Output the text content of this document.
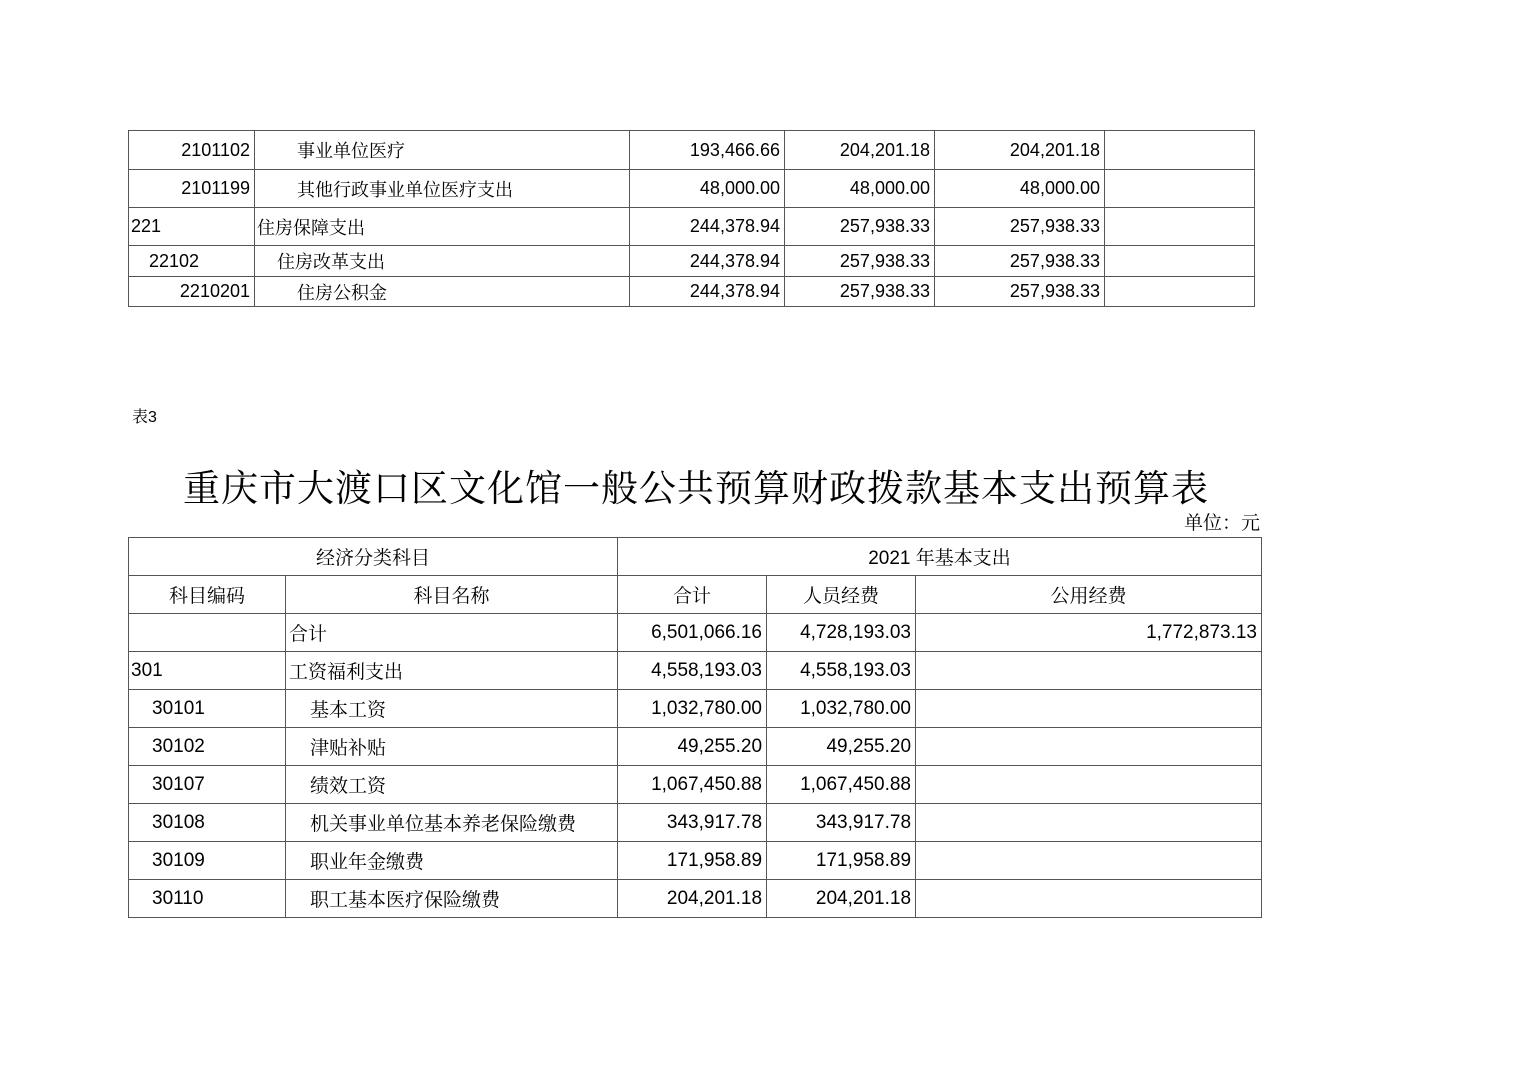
2101102	事业单位医疗	193,466.66	204,201.18	204,201.18	
2101199	其他行政事业单位医疗支出	48,000.00	48,000.00	48,000.00	
221	住房保障支出	244,378.94	257,938.33	257,938.33	
22102	住房改革支出	244,378.94	257,938.33	257,938.33	
2210201	住房公积金	244,378.94	257,938.33	257,938.33	
表3
重庆市大渡口区文化馆一般公共预算财政拨款基本支出预算表
单位：元
经济分类科目		2021 年基本支出		
科目编码	科目名称	合计	人员经费	公用经费
	合计	6,501,066.16	4,728,193.03	1,772,873.13
301	工资福利支出	4,558,193.03	4,558,193.03	
30101	基本工资	1,032,780.00	1,032,780.00	
30102	津贴补贴	49,255.20	49,255.20	
30107	绩效工资	1,067,450.88	1,067,450.88	
30108	机关事业单位基本养老保险缴费	343,917.78	343,917.78	
30109	职业年金缴费	171,958.89	171,958.89	
30110	职工基本医疗保险缴费	204,201.18	204,201.18	
